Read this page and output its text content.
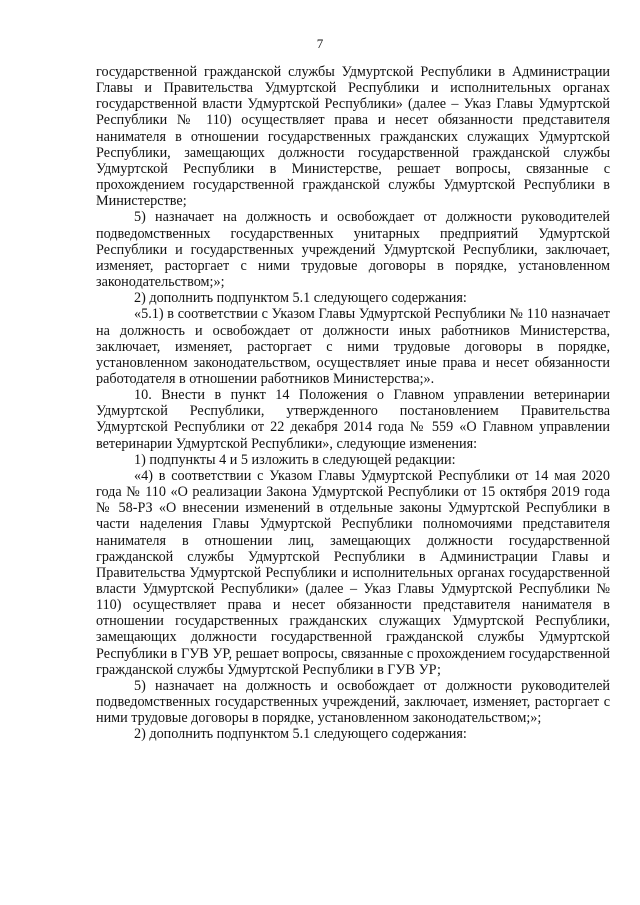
7

государственной гражданской службы Удмуртской Республики в Администрации Главы и Правительства Удмуртской Республики и исполнительных органах государственной власти Удмуртской Республики» (далее – Указ Главы Удмуртской Республики № 110) осуществляет права и несет обязанности представителя нанимателя в отношении государственных гражданских служащих Удмуртской Республики, замещающих должности государственной гражданской службы Удмуртской Республики в Министерстве, решает вопросы, связанные с прохождением государственной гражданской службы Удмуртской Республики в Министерстве;

5) назначает на должность и освобождает от должности руководителей подведомственных государственных унитарных предприятий Удмуртской Республики и государственных учреждений Удмуртской Республики, заключает, изменяет, расторгает с ними трудовые договоры в порядке, установленном законодательством;»;

2) дополнить подпунктом 5.1 следующего содержания:

«5.1) в соответствии с Указом Главы Удмуртской Республики № 110 назначает на должность и освобождает от должности иных работников Министерства, заключает, изменяет, расторгает с ними трудовые договоры в порядке, установленном законодательством, осуществляет иные права и несет обязанности работодателя в отношении работников Министерства;».

10. Внести в пункт 14 Положения о Главном управлении ветеринарии Удмуртской Республики, утвержденного постановлением Правительства Удмуртской Республики от 22 декабря 2014 года № 559 «О Главном управлении ветеринарии Удмуртской Республики», следующие изменения:

1) подпункты 4 и 5 изложить в следующей редакции:

«4) в соответствии с Указом Главы Удмуртской Республики от 14 мая 2020 года № 110 «О реализации Закона Удмуртской Республики от 15 октября 2019 года № 58-РЗ «О внесении изменений в отдельные законы Удмуртской Республики в части наделения Главы Удмуртской Республики полномочиями представителя нанимателя в отношении лиц, замещающих должности государственной гражданской службы Удмуртской Республики в Администрации Главы и Правительства Удмуртской Республики и исполнительных органах государственной власти Удмуртской Республики» (далее – Указ Главы Удмуртской Республики № 110) осуществляет права и несет обязанности представителя нанимателя в отношении государственных гражданских служащих Удмуртской Республики, замещающих должности государственной гражданской службы Удмуртской Республики в ГУВ УР, решает вопросы, связанные с прохождением государственной гражданской службы Удмуртской Республики в ГУВ УР;

5) назначает на должность и освобождает от должности руководителей подведомственных государственных учреждений, заключает, изменяет, расторгает с ними трудовые договоры в порядке, установленном законодательством;»;

2) дополнить подпунктом 5.1 следующего содержания:
